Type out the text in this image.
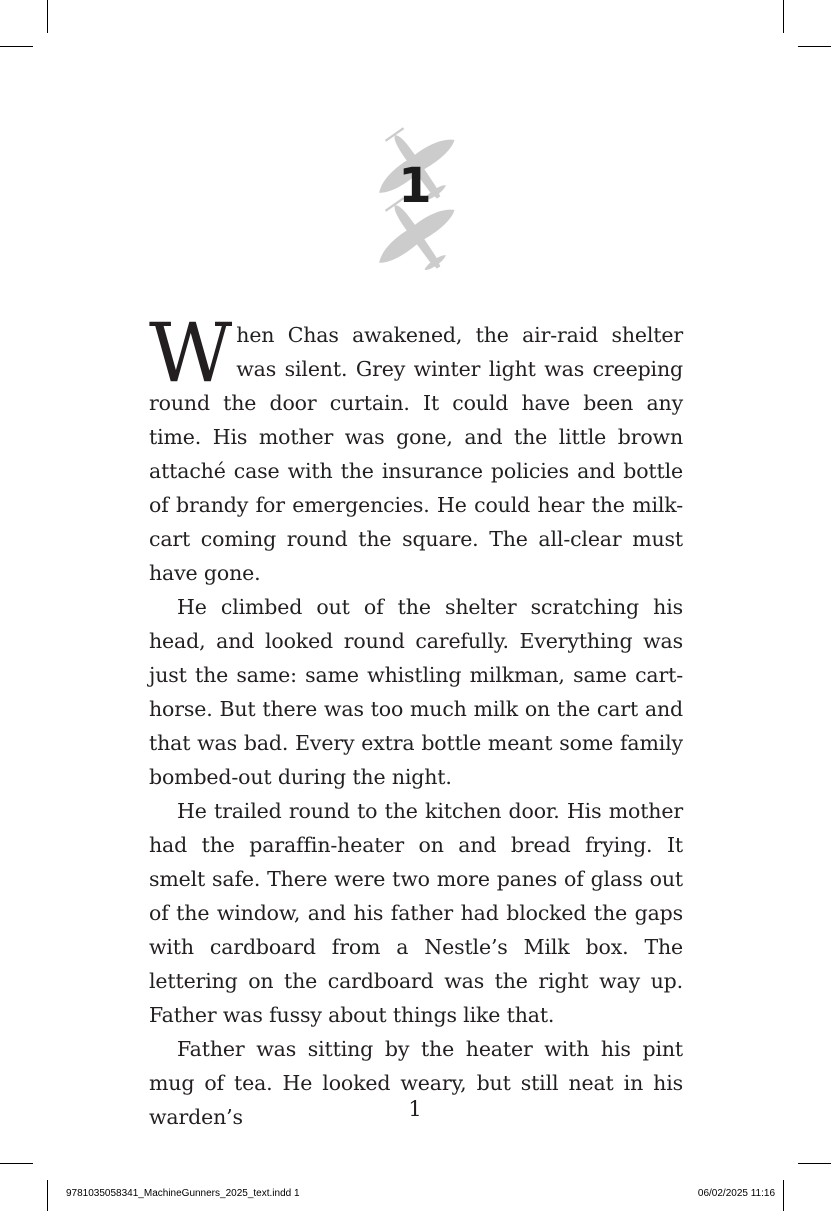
1

When Chas awakened, the air-raid shelter was silent. Grey winter light was creeping round the door curtain. It could have been any time. His mother was gone, and the little brown attaché case with the insurance policies and bottle of brandy for emergencies. He could hear the milk-cart coming round the square. The all-clear must have gone.

He climbed out of the shelter scratching his head, and looked round carefully. Everything was just the same: same whistling milkman, same cart-horse. But there was too much milk on the cart and that was bad. Every extra bottle meant some family bombed-out during the night.

He trailed round to the kitchen door. His mother had the paraffin-heater on and bread frying. It smelt safe. There were two more panes of glass out of the window, and his father had blocked the gaps with cardboard from a Nestle’s Milk box. The lettering on the cardboard was the right way up. Father was fussy about things like that.

Father was sitting by the heater with his pint mug of tea. He looked weary, but still neat in his warden’s	1
9781035058341_MachineGunners_2025_text.indd 1	06/02/2025 11:16
